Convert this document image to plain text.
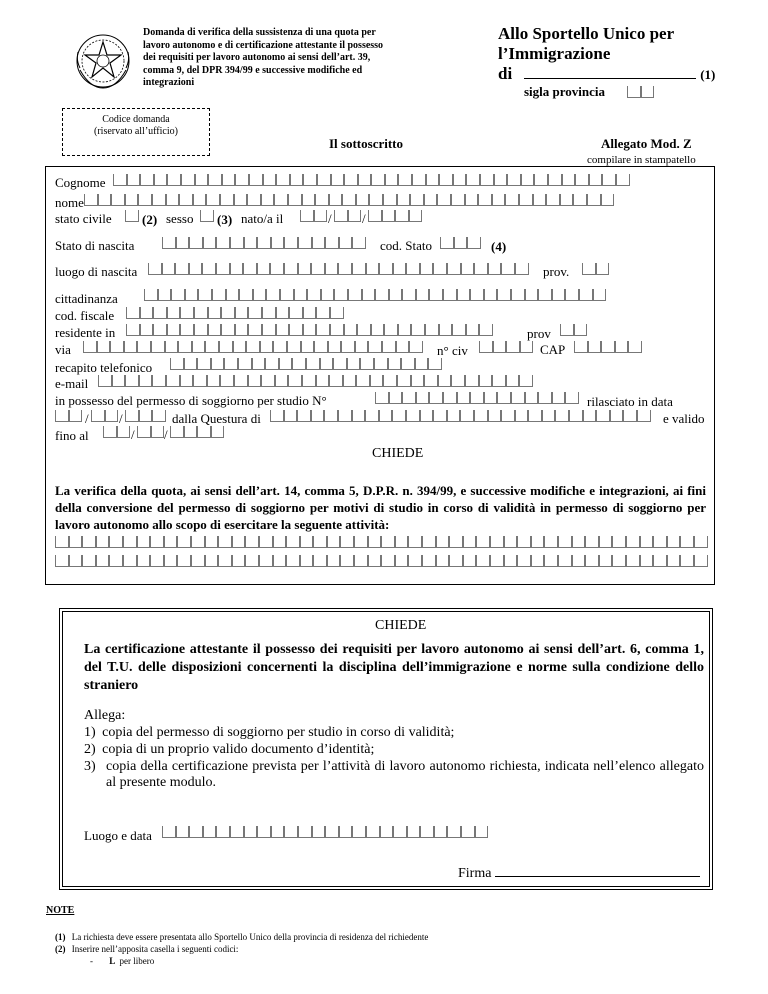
Domanda di verifica della sussistenza di una quota per lavoro autonomo e di certificazione attestante il possesso dei requisiti per lavoro autonomo ai sensi dell’art. 39, comma 9, del DPR 394/99 e successive modifiche ed integrazioni
Allo Sportello Unico per
l’Immigrazione
di	(1)
sigla provincia
Codice domanda
(riservato all’ufficio)
Il sottoscritto	Allegato Mod. Z
compilare in stampatello
Cognome
nome
stato civile (2) sesso (3) nato/a il	/ /
Stato di nascita	cod. Stato	(4)
luogo di nascita	prov.
cittadinanza
cod. fiscale
residente in	prov
via	n° civ	CAP
recapito telefonico
e-mail
in possesso del permesso di soggiorno per studio N°	rilasciato in data
/ /	dalla Questura di	e valido
fino al	/ /
CHIEDE
La verifica della quota, ai sensi dell’art. 14, comma 5, D.P.R. n. 394/99, e successive modifiche e integrazioni, ai fini della conversione del permesso di soggiorno per motivi di studio in corso di validità in permesso di soggiorno per lavoro autonomo allo scopo di esercitare la seguente attività:
CHIEDE
La certificazione attestante il possesso dei requisiti per lavoro autonomo ai sensi dell’art. 6, comma 1, del T.U. delle disposizioni concernenti la disciplina dell’immigrazione e norme sulla condizione dello straniero
Allega:
1) copia del permesso di soggiorno per studio in corso di validità;
2) copia di un proprio valido documento d’identità;
3) copia della certificazione prevista per l’attività di lavoro autonomo richiesta, indicata nell’elenco allegato al presente modulo.
Luogo e data
Firma
NOTE
(1) La richiesta deve essere presentata allo Sportello Unico della provincia di residenza del richiedente
(2) Inserire nell’apposita casella i seguenti codici:
- L per libero
